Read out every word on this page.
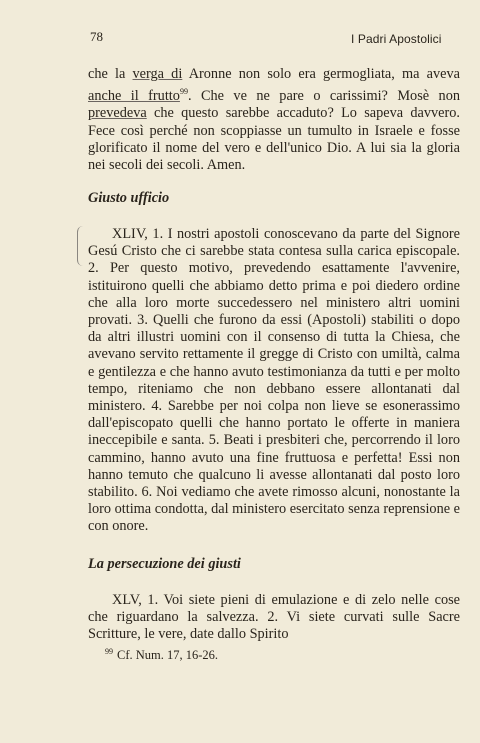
78	I Padri Apostolici

che la verga di Aronne non solo era germogliata, ma aveva anche il frutto$^{99}$. Che ve ne pare o carissimi? Mosè non prevedeva che questo sarebbe accaduto? Lo sapeva davvero. Fece così perché non scoppiasse un tumulto in Israele e fosse glorificato il nome del vero e dell'unico Dio. A lui sia la gloria nei secoli dei secoli. Amen.

Giusto ufficio

XLIV, 1. I nostri apostoli conoscevano da parte del Signore Gesú Cristo che ci sarebbe stata contesa sulla carica episcopale. 2. Per questo motivo, prevedendo esattamente l'avvenire, istituirono quelli che abbiamo detto prima e poi diedero ordine che alla loro morte succedessero nel ministero altri uomini provati. 3. Quelli che furono da essi (Apostoli) stabiliti o dopo da altri illustri uomini con il consenso di tutta la Chiesa, che avevano servito rettamente il gregge di Cristo con umiltà, calma e gentilezza e che hanno avuto testimonianza da tutti e per molto tempo, riteniamo che non debbano essere allontanati dal ministero. 4. Sarebbe per noi colpa non lieve se esonerassimo dall'episcopato quelli che hanno portato le offerte in maniera ineccepibile e santa. 5. Beati i presbiteri che, percorrendo il loro cammino, hanno avuto una fine fruttuosa e perfetta! Essi non hanno temuto che qualcuno li avesse allontanati dal posto loro stabilito. 6. Noi vediamo che avete rimosso alcuni, nonostante la loro ottima condotta, dal ministero esercitato senza reprensione e con onore.

La persecuzione dei giusti

XLV, 1. Voi siete pieni di emulazione e di zelo nelle cose che riguardano la salvezza. 2. Vi siete curvati sulle Sacre Scritture, le vere, date dallo Spirito

$^{99}$ Cf. Num. 17, 16-26.
